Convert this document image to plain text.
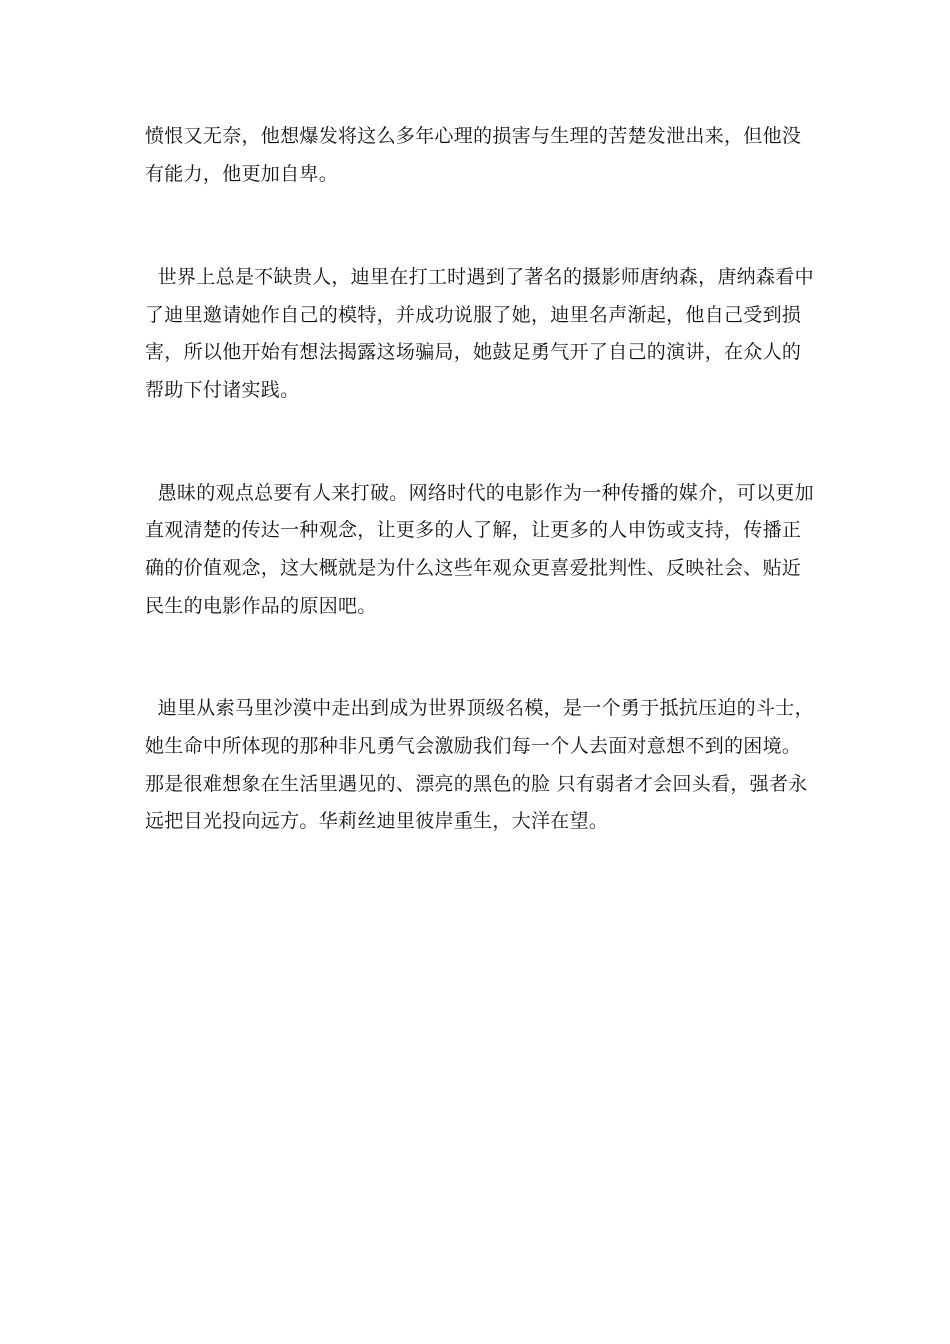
愤恨又无奈，他想爆发将这么多年心理的损害与生理的苦楚发泄出来，但他没
有能力，他更加自卑。
世界上总是不缺贵人，迪里在打工时遇到了著名的摄影师唐纳森，唐纳森看中
了迪里邀请她作自己的模特，并成功说服了她，迪里名声渐起，他自己受到损
害，所以他开始有想法揭露这场骗局，她鼓足勇气开了自己的演讲，在众人的
帮助下付诸实践。
愚昧的观点总要有人来打破。网络时代的电影作为一种传播的媒介，可以更加
直观清楚的传达一种观念，让更多的人了解，让更多的人申饬或支持，传播正
确的价值观念，这大概就是为什么这些年观众更喜爱批判性、反映社会、贴近
民生的电影作品的原因吧。
迪里从索马里沙漠中走出到成为世界顶级名模，是一个勇于抵抗压迫的斗士，
她生命中所体现的那种非凡勇气会激励我们每一个人去面对意想不到的困境。
那是很难想象在生活里遇见的、漂亮的黑色的脸 只有弱者才会回头看，强者永
远把目光投向远方。华莉丝迪里彼岸重生，大洋在望。
